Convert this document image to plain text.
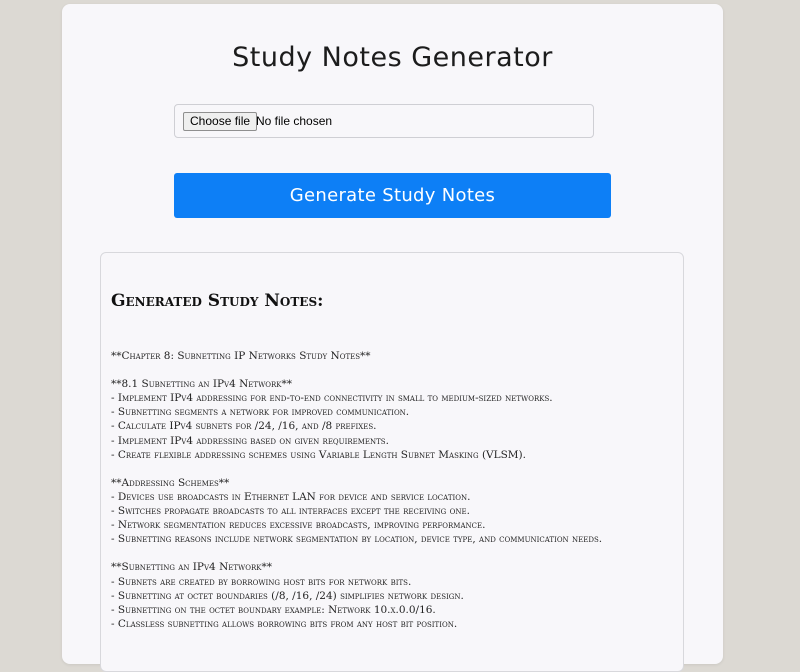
Study Notes Generator
Choose file No file chosen
Generate Study Notes
Generated Study Notes:
**Chapter 8: Subnetting IP Networks Study Notes**
**8.1 Subnetting an IPv4 Network**
- Implement IPv4 addressing for end-to-end connectivity in small to medium-sized networks.
- Subnetting segments a network for improved communication.
- Calculate IPv4 subnets for /24, /16, and /8 prefixes.
- Implement IPv4 addressing based on given requirements.
- Create flexible addressing schemes using Variable Length Subnet Masking (VLSM).
**Addressing Schemes**
- Devices use broadcasts in Ethernet LAN for device and service location.
- Switches propagate broadcasts to all interfaces except the receiving one.
- Network segmentation reduces excessive broadcasts, improving performance.
- Subnetting reasons include network segmentation by location, device type, and communication needs.
**Subnetting an IPv4 Network**
- Subnets are created by borrowing host bits for network bits.
- Subnetting at octet boundaries (/8, /16, /24) simplifies network design.
- Subnetting on the octet boundary example: Network 10.x.0.0/16.
- Classless subnetting allows borrowing bits from any host bit position.
